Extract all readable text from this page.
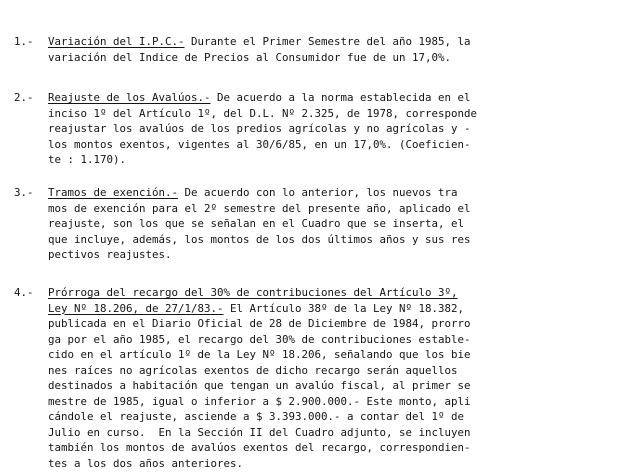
1.-	Variación del I.P.C.- Durante el Primer Semestre del año 1985, la
variación del Indice de Precios al Consumidor fue de un 17,0%.
2.-	Reajuste de los Avalúos.- De acuerdo a la norma establecida en el
inciso 1º del Artículo 1º, del D.L. Nº 2.325, de 1978, corresponde
reajustar los avalúos de los predios agrícolas y no agrícolas y -
los montos exentos, vigentes al 30/6/85, en un 17,0%. (Coeficien-
te : 1.170).
3.-	Tramos de exención.- De acuerdo con lo anterior, los nuevos tra
mos de exención para el 2º semestre del presente año, aplicado el
reajuste, son los que se señalan en el Cuadro que se inserta, el
que incluye, además, los montos de los dos últimos años y sus res
pectivos reajustes.
4.-	Prórroga del recargo del 30% de contribuciones del Artículo 3º,
Ley Nº 18.206, de 27/1/83.- El Artículo 38º de la Ley Nº 18.382,
publicada en el Diario Oficial de 28 de Diciembre de 1984, prorro
ga por el año 1985, el recargo del 30% de contribuciones estable-
cido en el artículo 1º de la Ley Nº 18.206, señalando que los bie
nes raíces no agrícolas exentos de dicho recargo serán aquellos
destinados a habitación que tengan un avalúo fiscal, al primer se
mestre de 1985, igual o inferior a $ 2.900.000.- Este monto, apli
cándole el reajuste, asciende a $ 3.393.000.- a contar del 1º de
Julio en curso.  En la Sección II del Cuadro adjunto, se incluyen
también los montos de avalúos exentos del recargo, correspondien-
tes a los dos años anteriores.
